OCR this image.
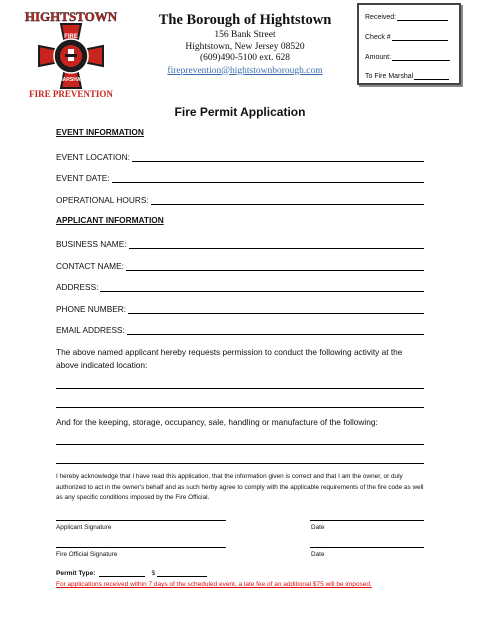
HIGHTSTOWN
FIRE
MARSHAL
FIRE PREVENTION
The Borough of Hightstown
156 Bank Street
Hightstown, New Jersey 08520
(609)490-5100 ext. 628
fireprevention@hightstownborough.com
Received:
Check #
Amount:
To Fire Marshal
Fire Permit Application
EVENT INFORMATION
EVENT LOCATION:
EVENT DATE:
OPERATIONAL HOURS:
APPLICANT INFORMATION
BUSINESS NAME:
CONTACT NAME:
ADDRESS:
PHONE NUMBER:
EMAIL ADDRESS:
The above named applicant hereby requests permission to conduct the following activity at the above indicated location:
And for the keeping, storage, occupancy, sale, handling or manufacture of the following:
I hereby acknowledge that I have read this application, that the information given is correct and that I am the owner, or duly authorized to act in the owner's behalf and as such herby agree to comply with the applicable requirements of the fire code as well as any specific conditions imposed by the Fire Official.
Applicant Signature	Date
Fire Official Signature	Date
Permit Type:	$
For applications received within 7 days of the scheduled event, a late fee of an additional $75 will be imposed.
